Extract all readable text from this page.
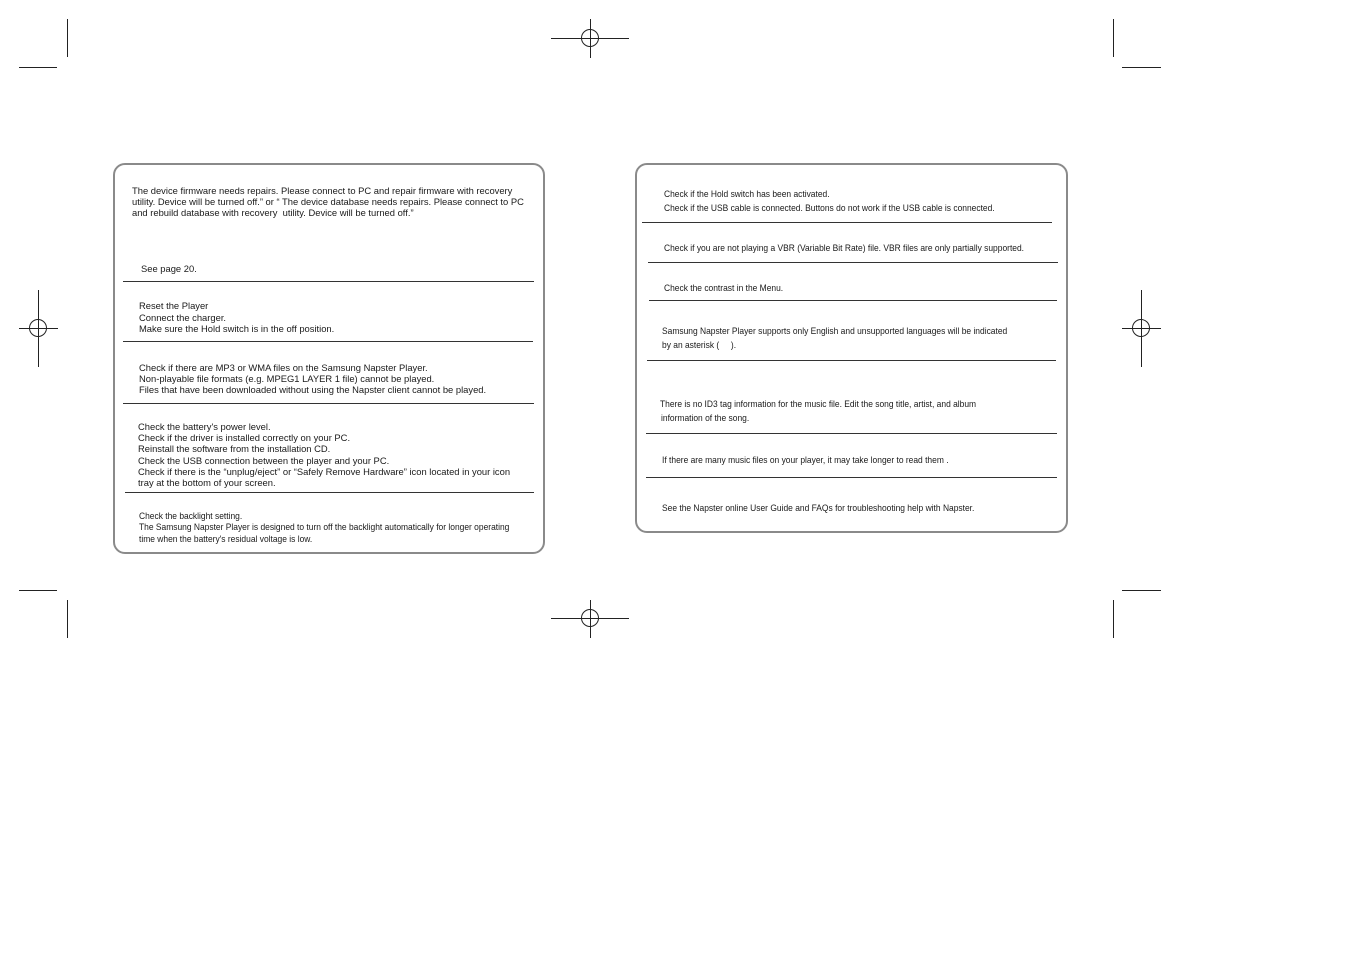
The device firmware needs repairs. Please connect to PC and repair firmware with recovery

utility. Device will be turned off.” or “ The device database needs repairs. Please connect to PC

and rebuild database with recovery  utility. Device will be turned off.”

See page 20.

Reset the Player

Connect the charger.

Make sure the Hold switch is in the off position.

Check if there are MP3 or WMA files on the Samsung Napster Player.

Non-playable file formats (e.g. MPEG1 LAYER 1 file) cannot be played.

Files that have been downloaded without using the Napster client cannot be played.

Check the battery's power level.

Check if the driver is installed correctly on your PC.

Reinstall the software from the installation CD.

Check the USB connection between the player and your PC.

Check if there is the “unplug/eject” or “Safely Remove Hardware” icon located in your icon

tray at the bottom of your screen.

Check the backlight setting.

The Samsung Napster Player is designed to turn off the backlight automatically for longer operating

time when the battery's residual voltage is low.

Check if the Hold switch has been activated.

Check if the USB cable is connected. Buttons do not work if the USB cable is connected.

Check if you are not playing a VBR (Variable Bit Rate) file. VBR files are only partially supported.

Check the contrast in the Menu.

Samsung Napster Player supports only English and unsupported languages will be indicated

by an asterisk (     ).

There is no ID3 tag information for the music file. Edit the song title, artist, and album

information of the song.

If there are many music files on your player, it may take longer to read them .

See the Napster online User Guide and FAQs for troubleshooting help with Napster.
